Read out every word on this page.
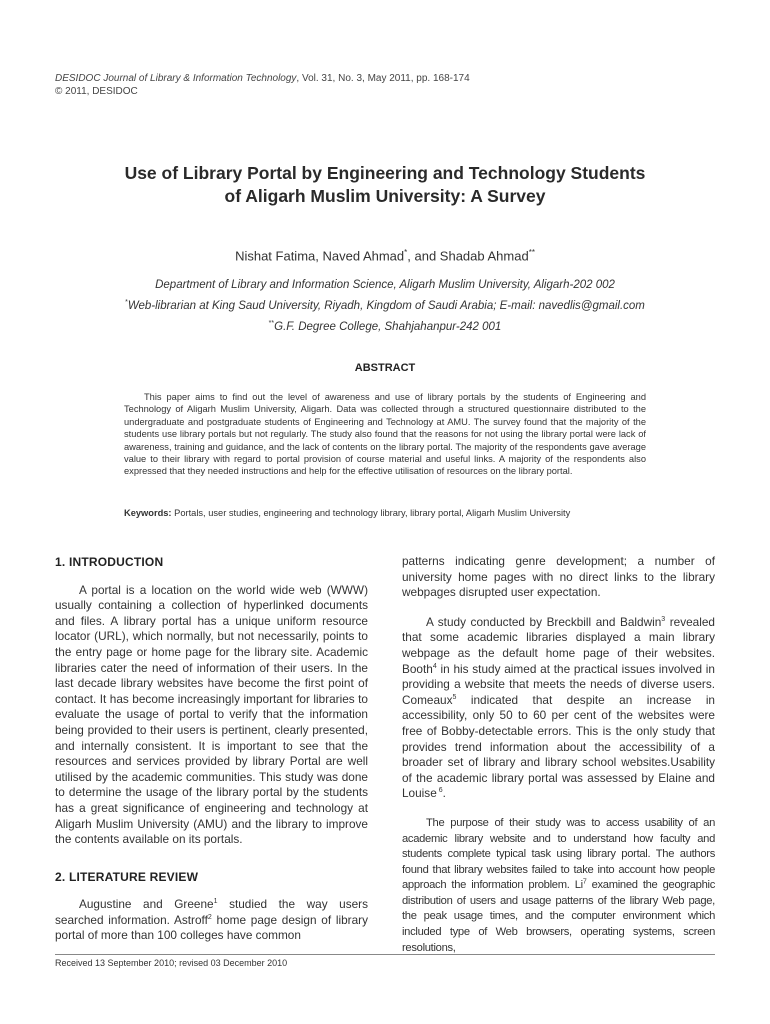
DESIDOC Journal of Library & Information Technology, Vol. 31, No. 3, May 2011, pp. 168-174
© 2011, DESIDOC
Use of Library Portal by Engineering and Technology Students
of Aligarh Muslim University: A Survey
Nishat Fatima, Naved Ahmad*, and Shadab Ahmad**
Department of Library and Information Science, Aligarh Muslim University, Aligarh-202 002
*Web-librarian at King Saud University, Riyadh, Kingdom of Saudi Arabia; E-mail: navedlis@gmail.com
**G.F. Degree College, Shahjahanpur-242 001
ABSTRACT
This paper aims to find out the level of awareness and use of library portals by the students of Engineering and Technology of Aligarh Muslim University, Aligarh. Data was collected through a structured questionnaire distributed to the undergraduate and postgraduate students of Engineering and Technology at AMU. The survey found that the majority of the students use library portals but not regularly. The study also found that the reasons for not using the library portal were lack of awareness, training and guidance, and the lack of contents on the library portal. The majority of the respondents gave average value to their library with regard to portal provision of course material and useful links. A majority of the respondents also expressed that they needed instructions and help for the effective utilisation of resources on the library portal.
Keywords: Portals, user studies, engineering and technology library, library portal, Aligarh Muslim University
1. INTRODUCTION

A portal is a location on the world wide web (WWW) usually containing a collection of hyperlinked documents and files. A library portal has a unique uniform resource locator (URL), which normally, but not necessarily, points to the entry page or home page for the library site. Academic libraries cater the need of information of their users. In the last decade library websites have become the first point of contact. It has become increasingly important for libraries to evaluate the usage of portal to verify that the information being provided to their users is pertinent, clearly presented, and internally consistent. It is important to see that the resources and services provided by library Portal are well utilised by the academic communities. This study was done to determine the usage of the library portal by the students has a great significance of engineering and technology at Aligarh Muslim University (AMU) and the library to improve the contents available on its portals.

2. LITERATURE REVIEW

Augustine and Greene$^1$ studied the way users searched information. Astroff$^2$ home page design of library portal of more than 100 colleges have common

patterns indicating genre development; a number of university home pages with no direct links to the library webpages disrupted user expectation.

A study conducted by Breckbill and Baldwin$^3$ revealed that some academic libraries displayed a main library webpage as the default home page of their websites. Booth$^4$ in his study aimed at the practical issues involved in providing a website that meets the needs of diverse users. Comeaux$^5$ indicated that despite an increase in accessibility, only 50 to 60 per cent of the websites were free of Bobby-detectable errors. This is the only study that provides trend information about the accessibility of a broader set of library and library school websites.Usability of the academic library portal was assessed by Elaine and Louise $^6$.

The purpose of their study was to access usability of an academic library website and to understand how faculty and students complete typical task using library portal. The authors found that library websites failed to take into account how people approach the information problem. Li$^7$ examined the geographic distribution of users and usage patterns of the library Web page, the peak usage times, and the computer environment which included type of Web browsers, operating systems, screen resolutions,

Received 13 September 2010; revised 03 December 2010
